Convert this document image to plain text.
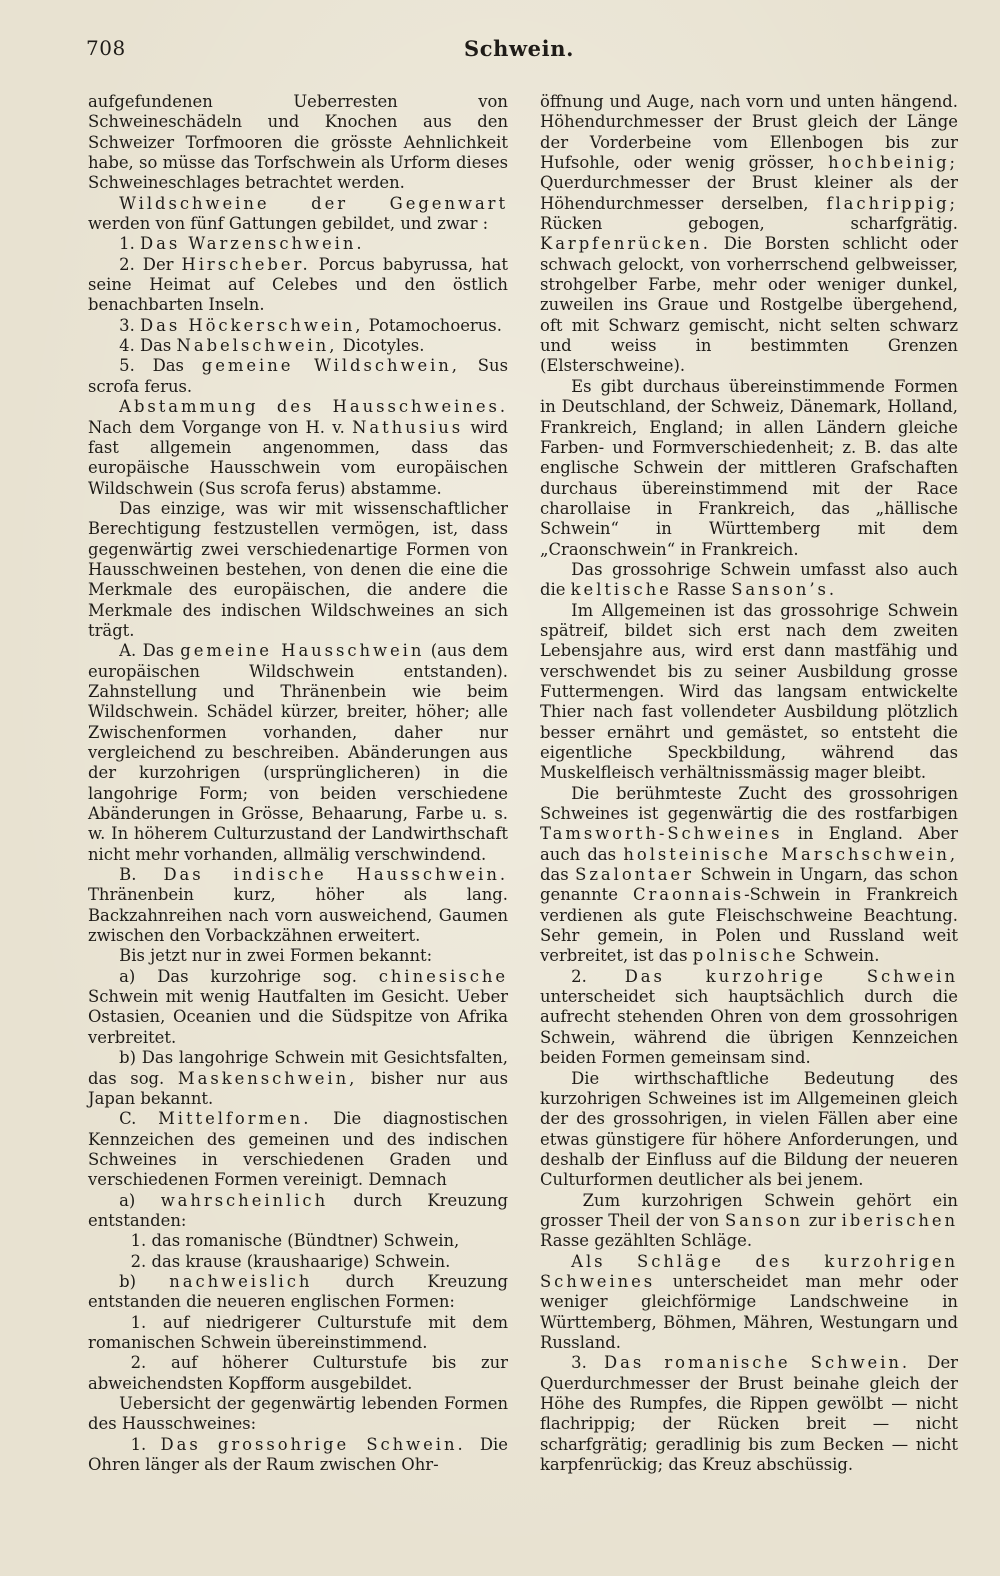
708	Schwein.

aufgefundenen Ueberresten von Schweineschädeln und Knochen aus den Schweizer Torfmooren die grösste Aehnlichkeit habe, so müsse das Torfschwein als Urform dieses Schweineschlages betrachtet werden.

Wildschweine der Gegenwart werden von fünf Gattungen gebildet, und zwar :

1. Das Warzenschwein.

2. Der Hirscheber. Porcus babyrussa, hat seine Heimat auf Celebes und den östlich benachbarten Inseln.

3. Das Höckerschwein, Potamochoerus.

4. Das Nabelschwein, Dicotyles.

5. Das gemeine Wildschwein, Sus scrofa ferus.

Abstammung des Hausschweines. Nach dem Vorgange von H. v. Nathusius wird fast allgemein angenommen, dass das europäische Hausschwein vom europäischen Wildschwein (Sus scrofa ferus) abstamme.

Das einzige, was wir mit wissenschaftlicher Berechtigung festzustellen vermögen, ist, dass gegenwärtig zwei verschiedenartige Formen von Hausschweinen bestehen, von denen die eine die Merkmale des europäischen, die andere die Merkmale des indischen Wildschweines an sich trägt.

A. Das gemeine Hausschwein (aus dem europäischen Wildschwein entstanden). Zahnstellung und Thränenbein wie beim Wildschwein. Schädel kürzer, breiter, höher; alle Zwischenformen vorhanden, daher nur vergleichend zu beschreiben. Abänderungen aus der kurzohrigen (ursprünglicheren) in die langohrige Form; von beiden verschiedene Abänderungen in Grösse, Behaarung, Farbe u. s. w. In höherem Culturzustand der Landwirthschaft nicht mehr vorhanden, allmälig verschwindend.

B. Das indische Hausschwein. Thränenbein kurz, höher als lang. Backzahnreihen nach vorn ausweichend, Gaumen zwischen den Vorbackzähnen erweitert.

Bis jetzt nur in zwei Formen bekannt:

a) Das kurzohrige sog. chinesische Schwein mit wenig Hautfalten im Gesicht. Ueber Ostasien, Oceanien und die Südspitze von Afrika verbreitet.

b) Das langohrige Schwein mit Gesichtsfalten, das sog. Maskenschwein, bisher nur aus Japan bekannt.

C. Mittelformen. Die diagnostischen Kennzeichen des gemeinen und des indischen Schweines in verschiedenen Graden und verschiedenen Formen vereinigt. Demnach

a) wahrscheinlich durch Kreuzung entstanden:

1. das romanische (Bündtner) Schwein,

2. das krause (kraushaarige) Schwein.

b) nachweislich durch Kreuzung entstanden die neueren englischen Formen:

1. auf niedrigerer Culturstufe mit dem romanischen Schwein übereinstimmend.

2. auf höherer Culturstufe bis zur abweichendsten Kopfform ausgebildet.

Uebersicht der gegenwärtig lebenden Formen des Hausschweines:

1. Das grossohrige Schwein. Die Ohren länger als der Raum zwischen Ohr-

öffnung und Auge, nach vorn und unten hängend. Höhendurchmesser der Brust gleich der Länge der Vorderbeine vom Ellenbogen bis zur Hufsohle, oder wenig grösser, hochbeinig; Querdurchmesser der Brust kleiner als der Höhendurchmesser derselben, flachrippig; Rücken gebogen, scharfgrätig. Karpfenrücken. Die Borsten schlicht oder schwach gelockt, von vorherrschend gelbweisser, strohgelber Farbe, mehr oder weniger dunkel, zuweilen ins Graue und Rostgelbe übergehend, oft mit Schwarz gemischt, nicht selten schwarz und weiss in bestimmten Grenzen (Elsterschweine).

Es gibt durchaus übereinstimmende Formen in Deutschland, der Schweiz, Dänemark, Holland, Frankreich, England; in allen Ländern gleiche Farben- und Formverschiedenheit; z. B. das alte englische Schwein der mittleren Grafschaften durchaus übereinstimmend mit der Race charollaise in Frankreich, das „hällische Schwein“ in Württemberg mit dem „Craonschwein“ in Frankreich.

Das grossohrige Schwein umfasst also auch die keltische Rasse Sanson’s.

Im Allgemeinen ist das grossohrige Schwein spätreif, bildet sich erst nach dem zweiten Lebensjahre aus, wird erst dann mastfähig und verschwendet bis zu seiner Ausbildung grosse Futtermengen. Wird das langsam entwickelte Thier nach fast vollendeter Ausbildung plötzlich besser ernährt und gemästet, so entsteht die eigentliche Speckbildung, während das Muskelfleisch verhältnissmässig mager bleibt.

Die berühmteste Zucht des grossohrigen Schweines ist gegenwärtig die des rostfarbigen Tamsworth-Schweines in England. Aber auch das holsteinische Marschschwein, das Szalontaer Schwein in Ungarn, das schon genannte Craonnais-Schwein in Frankreich verdienen als gute Fleischschweine Beachtung. Sehr gemein, in Polen und Russland weit verbreitet, ist das polnische Schwein.

2. Das kurzohrige Schwein unterscheidet sich hauptsächlich durch die aufrecht stehenden Ohren von dem grossohrigen Schwein, während die übrigen Kennzeichen beiden Formen gemeinsam sind.

Die wirthschaftliche Bedeutung des kurzohrigen Schweines ist im Allgemeinen gleich der des grossohrigen, in vielen Fällen aber eine etwas günstigere für höhere Anforderungen, und deshalb der Einfluss auf die Bildung der neueren Culturformen deutlicher als bei jenem.

Zum kurzohrigen Schwein gehört ein grosser Theil der von Sanson zur iberischen Rasse gezählten Schläge.

Als Schläge des kurzohrigen Schweines unterscheidet man mehr oder weniger gleichförmige Landschweine in Württemberg, Böhmen, Mähren, Westungarn und Russland.

3. Das romanische Schwein. Der Querdurchmesser der Brust beinahe gleich der Höhe des Rumpfes, die Rippen gewölbt — nicht flachrippig; der Rücken breit — nicht scharfgrätig; geradlinig bis zum Becken — nicht karpfenrückig; das Kreuz abschüssig.
